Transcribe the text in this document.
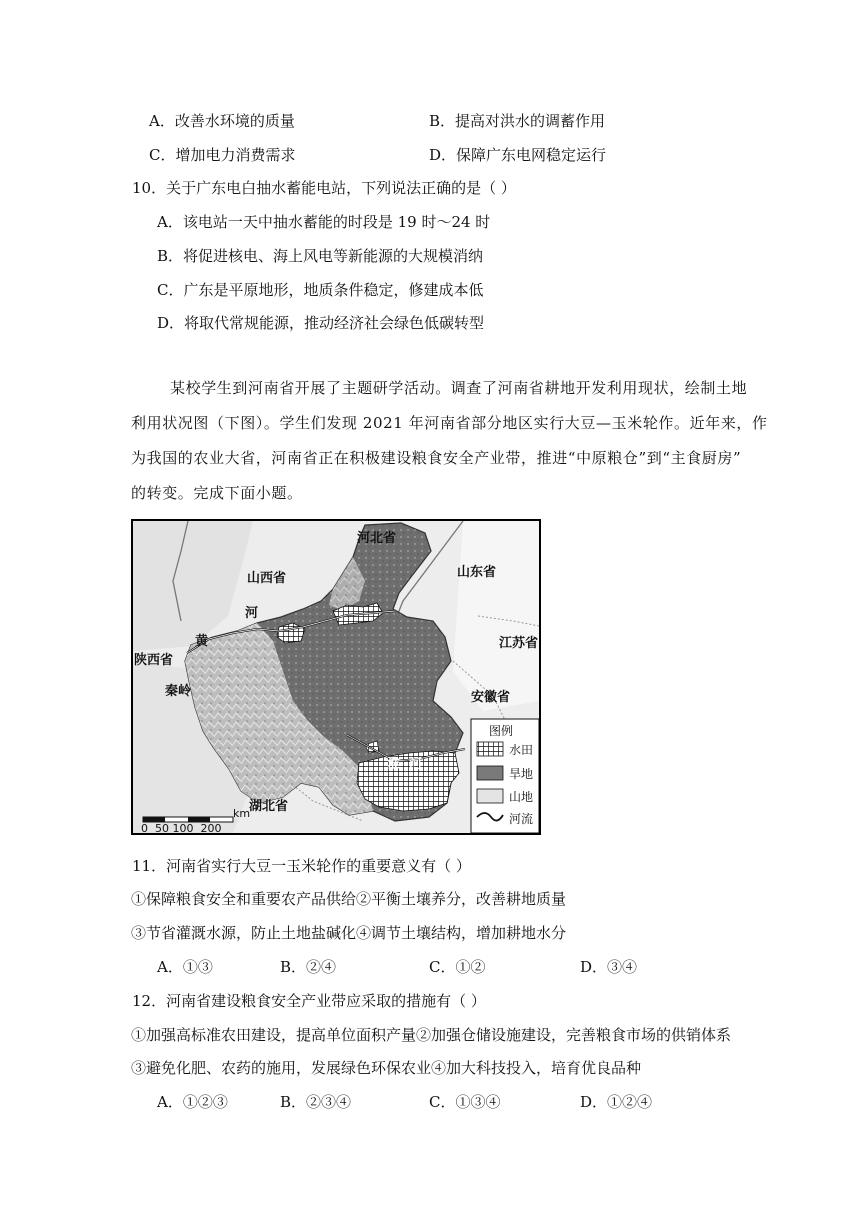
A．改善水环境的质量	B．提高对洪水的调蓄作用
C．增加电力消费需求	D．保障广东电网稳定运行
10．关于广东电白抽水蓄能电站，下列说法正确的是（ ）
A．该电站一天中抽水蓄能的时段是 19 时～24 时
B．将促进核电、海上风电等新能源的大规模消纳
C．广东是平原地形，地质条件稳定，修建成本低
D．将取代常规能源，推动经济社会绿色低碳转型
某校学生到河南省开展了主题研学活动。调查了河南省耕地开发利用现状，绘制土地
利用状况图（下图）。学生们发现 2021 年河南省部分地区实行大豆—玉米轮作。近年来，作
为我国的农业大省，河南省正在积极建设粮食安全产业带，推进“中原粮仓”到“主食厨房”
的转变。完成下面小题。
河北省
山西省	山东省
江苏省
陕西省
安徽省
湖北省
秦岭
黄
河
淮  河
km
0  50 100  200
图例
水田
旱地
山地
河流
11．河南省实行大豆一玉米轮作的重要意义有（ ）
①保障粮食安全和重要农产品供给②平衡土壤养分，改善耕地质量
③节省灌溉水源，防止土地盐碱化④调节土壤结构，增加耕地水分
A．①③	B．②④	C．①②	D．③④
12．河南省建设粮食安全产业带应采取的措施有（ ）
①加强高标准农田建设，提高单位面积产量②加强仓储设施建设，完善粮食市场的供销体系
③避免化肥、农药的施用，发展绿色环保农业④加大科技投入，培育优良品种
A．①②③	B．②③④	C．①③④	D．①②④
